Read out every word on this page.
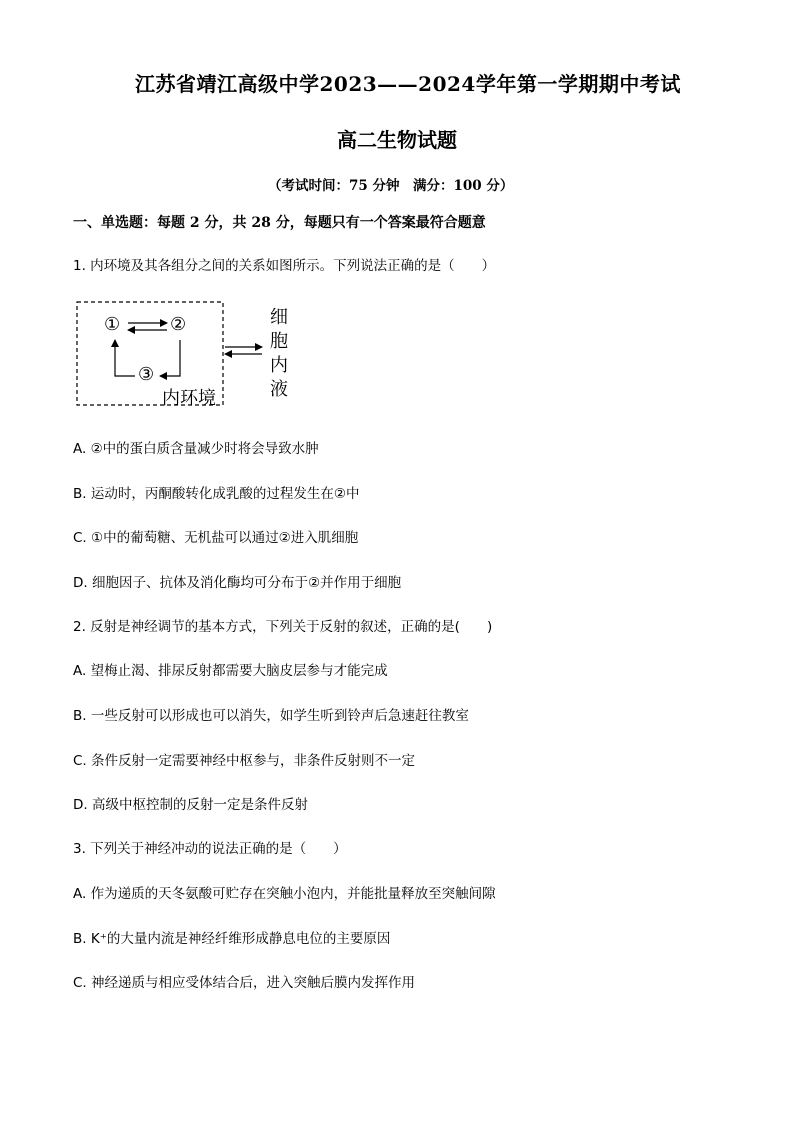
江苏省靖江高级中学2023——2024学年第一学期期中考试
高二生物试题
（考试时间：75 分钟　满分：100 分）
一、单选题：每题 2 分，共 28 分，每题只有一个答案最符合题意
1. 内环境及其各组分之间的关系如图所示。下列说法正确的是（　　）
①	②
③
内环境
细
胞
内
液
A. ②中的蛋白质含量减少时将会导致水肿
B. 运动时，丙酮酸转化成乳酸的过程发生在②中
C. ①中的葡萄糖、无机盐可以通过②进入肌细胞
D. 细胞因子、抗体及消化酶均可分布于②并作用于细胞
2. 反射是神经调节的基本方式，下列关于反射的叙述，正确的是(　　)
A. 望梅止渴、排尿反射都需要大脑皮层参与才能完成
B. 一些反射可以形成也可以消失，如学生听到铃声后急速赶往教室
C. 条件反射一定需要神经中枢参与，非条件反射则不一定
D. 高级中枢控制的反射一定是条件反射
3. 下列关于神经冲动的说法正确的是（　　）
A. 作为递质的天冬氨酸可贮存在突触小泡内，并能批量释放至突触间隙
B. K⁺的大量内流是神经纤维形成静息电位的主要原因
C. 神经递质与相应受体结合后，进入突触后膜内发挥作用
